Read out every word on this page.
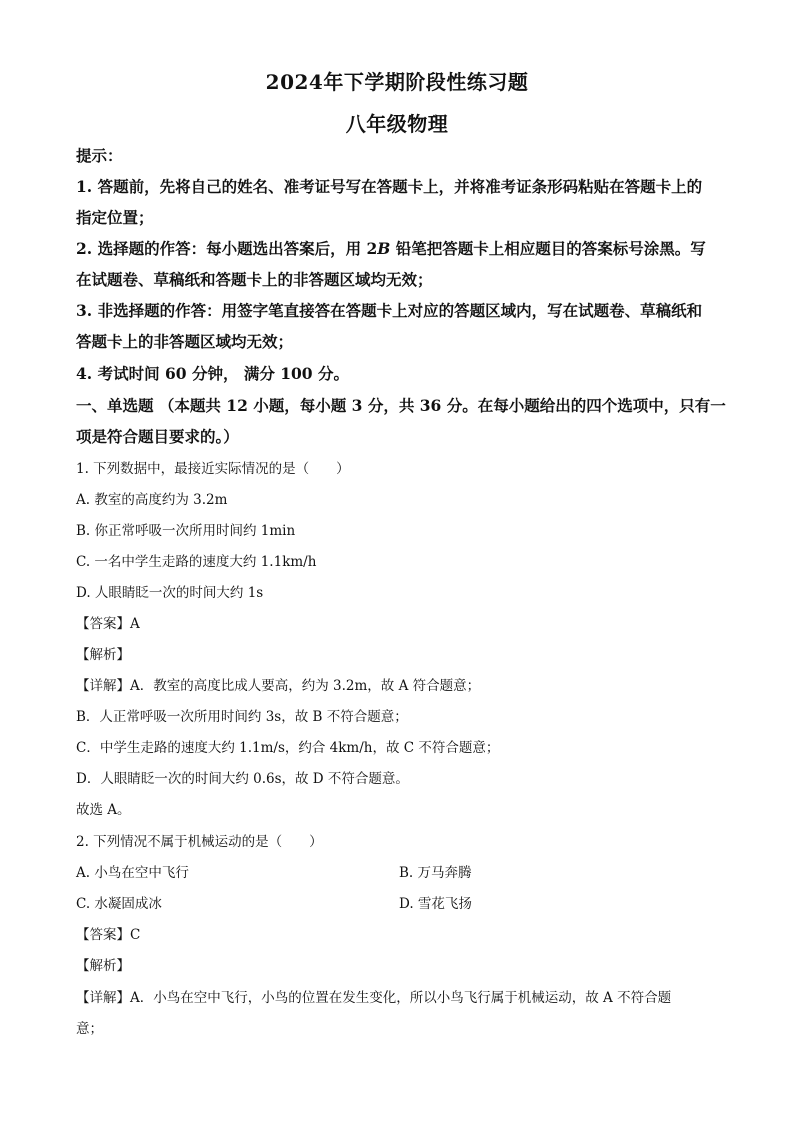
2024年下学期阶段性练习题
八年级物理
提示：
1. 答题前，先将自己的姓名、准考证号写在答题卡上，并将准考证条形码粘贴在答题卡上的
指定位置；
2. 选择题的作答：每小题选出答案后，用 2B 铅笔把答题卡上相应题目的答案标号涂黑。写
在试题卷、草稿纸和答题卡上的非答题区域均无效；
3. 非选择题的作答：用签字笔直接答在答题卡上对应的答题区域内，写在试题卷、草稿纸和
答题卡上的非答题区域均无效；
4. 考试时间 60 分钟， 满分 100 分。
一、单选题 （本题共 12 小题，每小题 3 分，共 36 分。在每小题给出的四个选项中，只有一
项是符合题目要求的。）
1. 下列数据中，最接近实际情况的是（　　）
A. 教室的高度约为 3.2m
B. 你正常呼吸一次所用时间约 1min
C. 一名中学生走路的速度大约 1.1km/h
D. 人眼睛眨一次的时间大约 1s
【答案】A
【解析】
【详解】A．教室的高度比成人要高，约为 3.2m，故 A 符合题意；
B．人正常呼吸一次所用时间约 3s，故 B 不符合题意；
C．中学生走路的速度大约 1.1m/s，约合 4km/h，故 C 不符合题意；
D．人眼睛眨一次的时间大约 0.6s，故 D 不符合题意。
故选 A。
2. 下列情况不属于机械运动的是（　　）
A. 小鸟在空中飞行	B. 万马奔腾
C. 水凝固成冰	D. 雪花飞扬
【答案】C
【解析】
【详解】A．小鸟在空中飞行，小鸟的位置在发生变化，所以小鸟飞行属于机械运动，故 A 不符合题
意；
